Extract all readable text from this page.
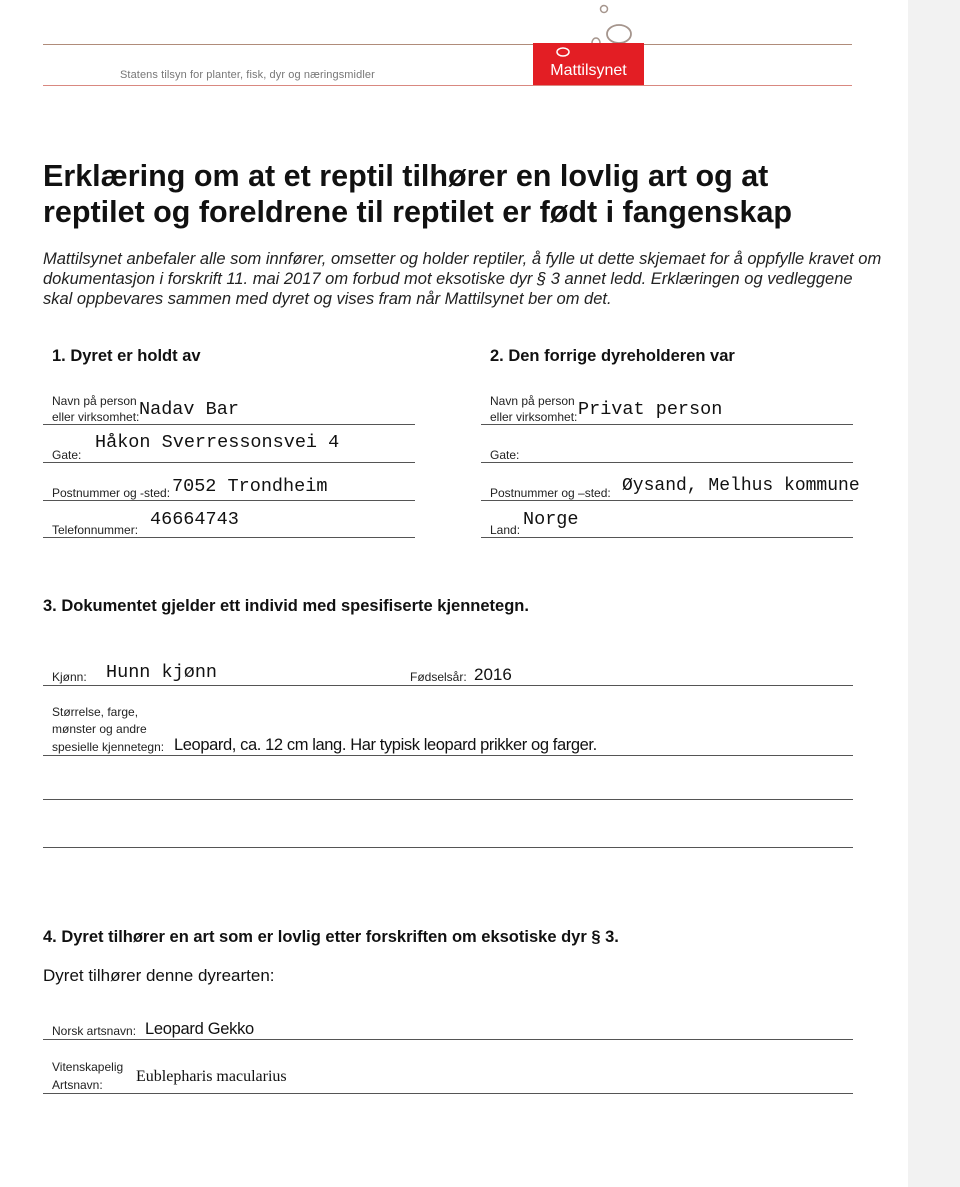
Statens tilsyn for planter, fisk, dyr og næringsmidler	Mattilsynet
Erklæring om at et reptil tilhører en lovlig art og at reptilet og foreldrene til reptilet er født i fangenskap
Mattilsynet anbefaler alle som innfører, omsetter og holder reptiler, å fylle ut dette skjemaet for å oppfylle kravet om dokumentasjon i forskrift 11. mai 2017 om forbud mot eksotiske dyr § 3 annet ledd. Erklæringen og vedleggene skal oppbevares sammen med dyret og vises fram når Mattilsynet ber om det.
1. Dyret er holdt av
Navn på person
eller virksomhet: Nadav Bar
Gate:
Håkon Sverressonsvei 4
Postnummer og -sted: 7052 Trondheim
Telefonnummer: 46664743
2. Den forrige dyreholderen var
Navn på person
eller virksomhet: Privat person
Gate:
Postnummer og –sted: Øysand, Melhus kommune
Land: Norge
3. Dokumentet gjelder ett individ med spesifiserte kjennetegn.
Kjønn: Hunn kjønn	Fødselsår: 2016
Størrelse, farge,
mønster og andre
spesielle kjennetegn: Leopard, ca. 12 cm lang. Har typisk leopard prikker og farger.
4. Dyret tilhører en art som er lovlig etter forskriften om eksotiske dyr § 3.
Dyret tilhører denne dyrearten:
Norsk artsnavn: Leopard Gekko
Vitenskapelig
Artsnavn: Eublepharis macularius
